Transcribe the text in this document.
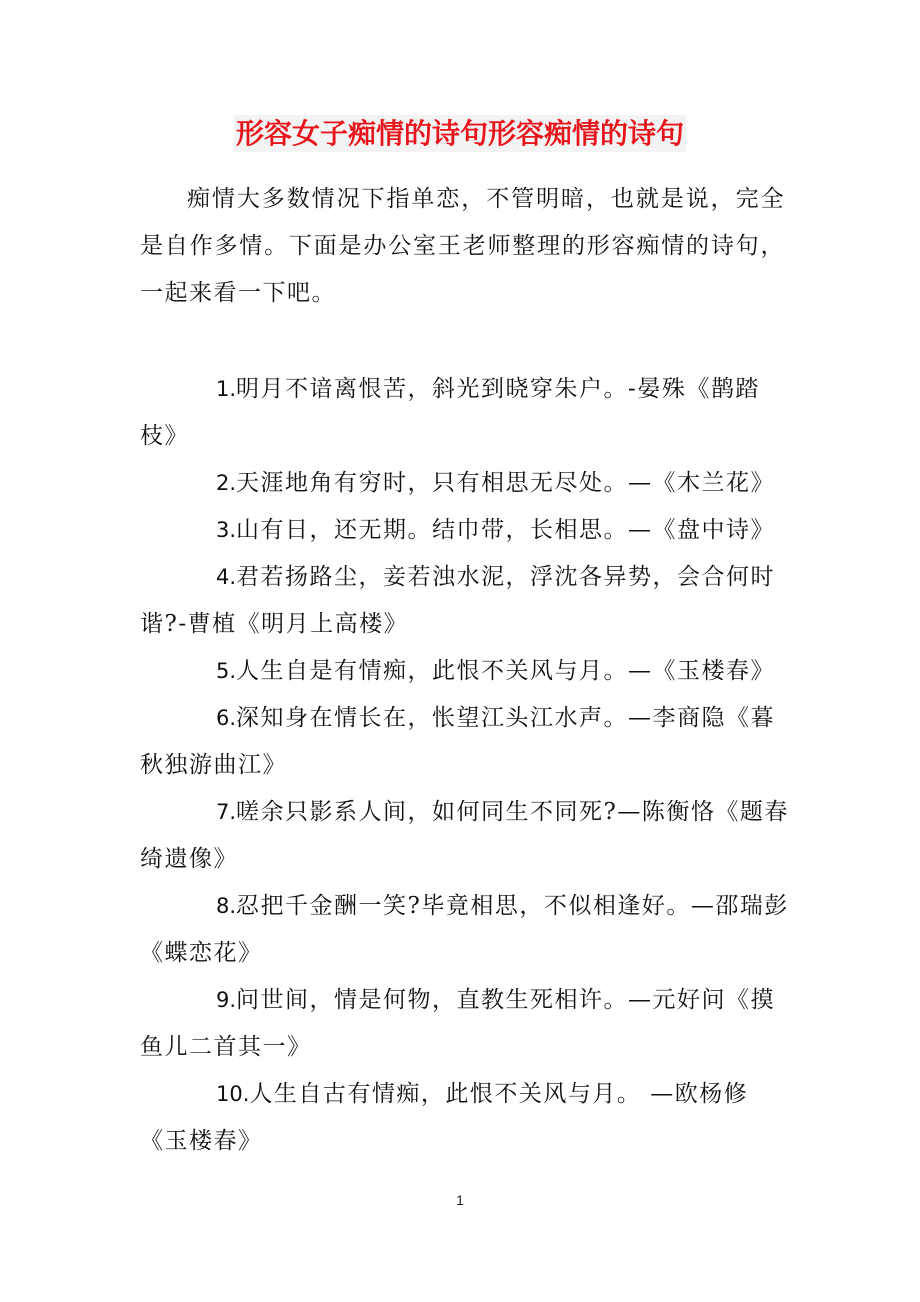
形容女子痴情的诗句形容痴情的诗句

痴情大多数情况下指单恋，不管明暗，也就是说，完全是自作多情。下面是办公室王老师整理的形容痴情的诗句，一起来看一下吧。

1.明月不谙离恨苦，斜光到晓穿朱户。-晏殊《鹊踏枝》

2.天涯地角有穷时，只有相思无尽处。—《木兰花》

3.山有日，还无期。结巾带，长相思。—《盘中诗》

4.君若扬路尘，妾若浊水泥，浮沈各异势，会合何时谐?-曹植《明月上高楼》

5.人生自是有情痴，此恨不关风与月。—《玉楼春》

6.深知身在情长在，怅望江头江水声。—李商隐《暮秋独游曲江》

7.嗟余只影系人间，如何同生不同死?—陈衡恪《题春绮遗像》

8.忍把千金酬一笑?毕竟相思，不似相逢好。—邵瑞彭《蝶恋花》

9.问世间，情是何物，直教生死相许。—元好问《摸鱼儿二首其一》

10.人生自古有情痴，此恨不关风与月。 —欧杨修《玉楼春》

1
